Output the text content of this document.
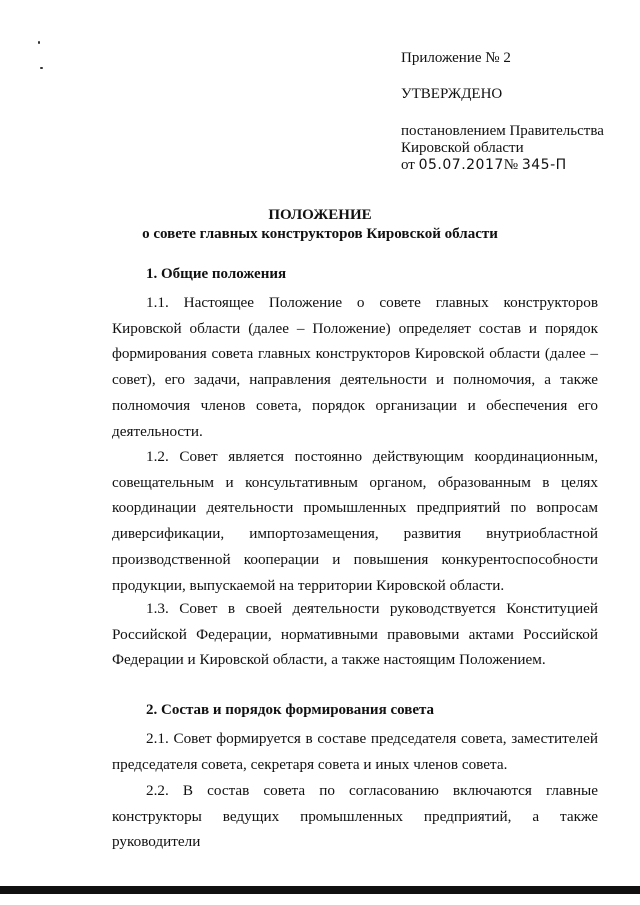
Приложение № 2
УТВЕРЖДЕНО
постановлением Правительства
Кировской области
от 05.07.2017№ 345-П
ПОЛОЖЕНИЕ
о совете главных конструкторов Кировской области
1. Общие положения
1.1. Настоящее Положение о совете главных конструкторов Кировской области (далее – Положение) определяет состав и порядок формирования совета главных конструкторов Кировской области (далее – совет), его задачи, направления деятельности и полномочия, а также полномочия членов совета, порядок организации и обеспечения его деятельности.
1.2. Совет является постоянно действующим координационным, совещательным и консультативным органом, образованным в целях координации деятельности промышленных предприятий по вопросам диверсификации, импортозамещения, развития внутриобластной производственной кооперации и повышения конкурентоспособности продукции, выпускаемой на территории Кировской области.
1.3. Совет в своей деятельности руководствуется Конституцией Российской Федерации, нормативными правовыми актами Российской Федерации и Кировской области, а также настоящим Положением.
2. Состав и порядок формирования совета
2.1. Совет формируется в составе председателя совета, заместителей председателя совета, секретаря совета и иных членов совета.
2.2. В состав совета по согласованию включаются главные конструкторы ведущих промышленных предприятий, а также руководители
